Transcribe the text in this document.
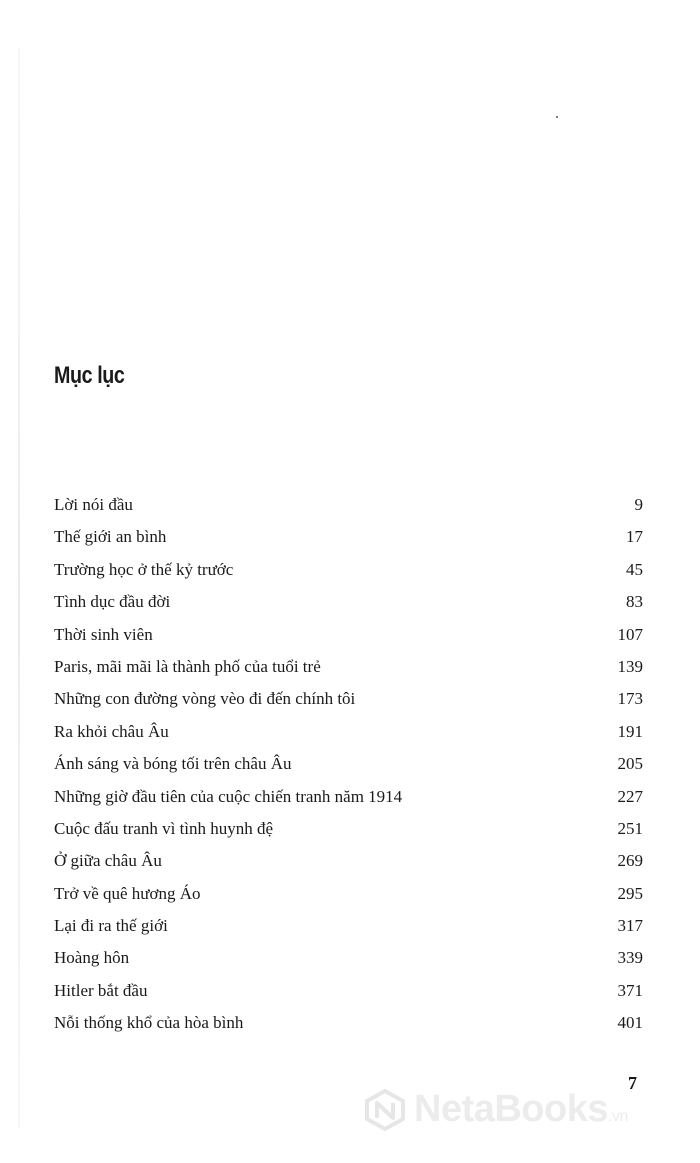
Mục lục
Lời nói đầu	9
Thế giới an bình	17
Trường học ở thế kỷ trước	45
Tình dục đầu đời	83
Thời sinh viên	107
Paris, mãi mãi là thành phố của tuổi trẻ	139
Những con đường vòng vèo đi đến chính tôi	173
Ra khỏi châu Âu	191
Ánh sáng và bóng tối trên châu Âu	205
Những giờ đầu tiên của cuộc chiến tranh năm 1914	227
Cuộc đấu tranh vì tình huynh đệ	251
Ở giữa châu Âu	269
Trở về quê hương Áo	295
Lại đi ra thế giới	317
Hoàng hôn	339
Hitler bắt đầu	371
Nỗi thống khổ của hòa bình	401
7
NetaBooks.vn
